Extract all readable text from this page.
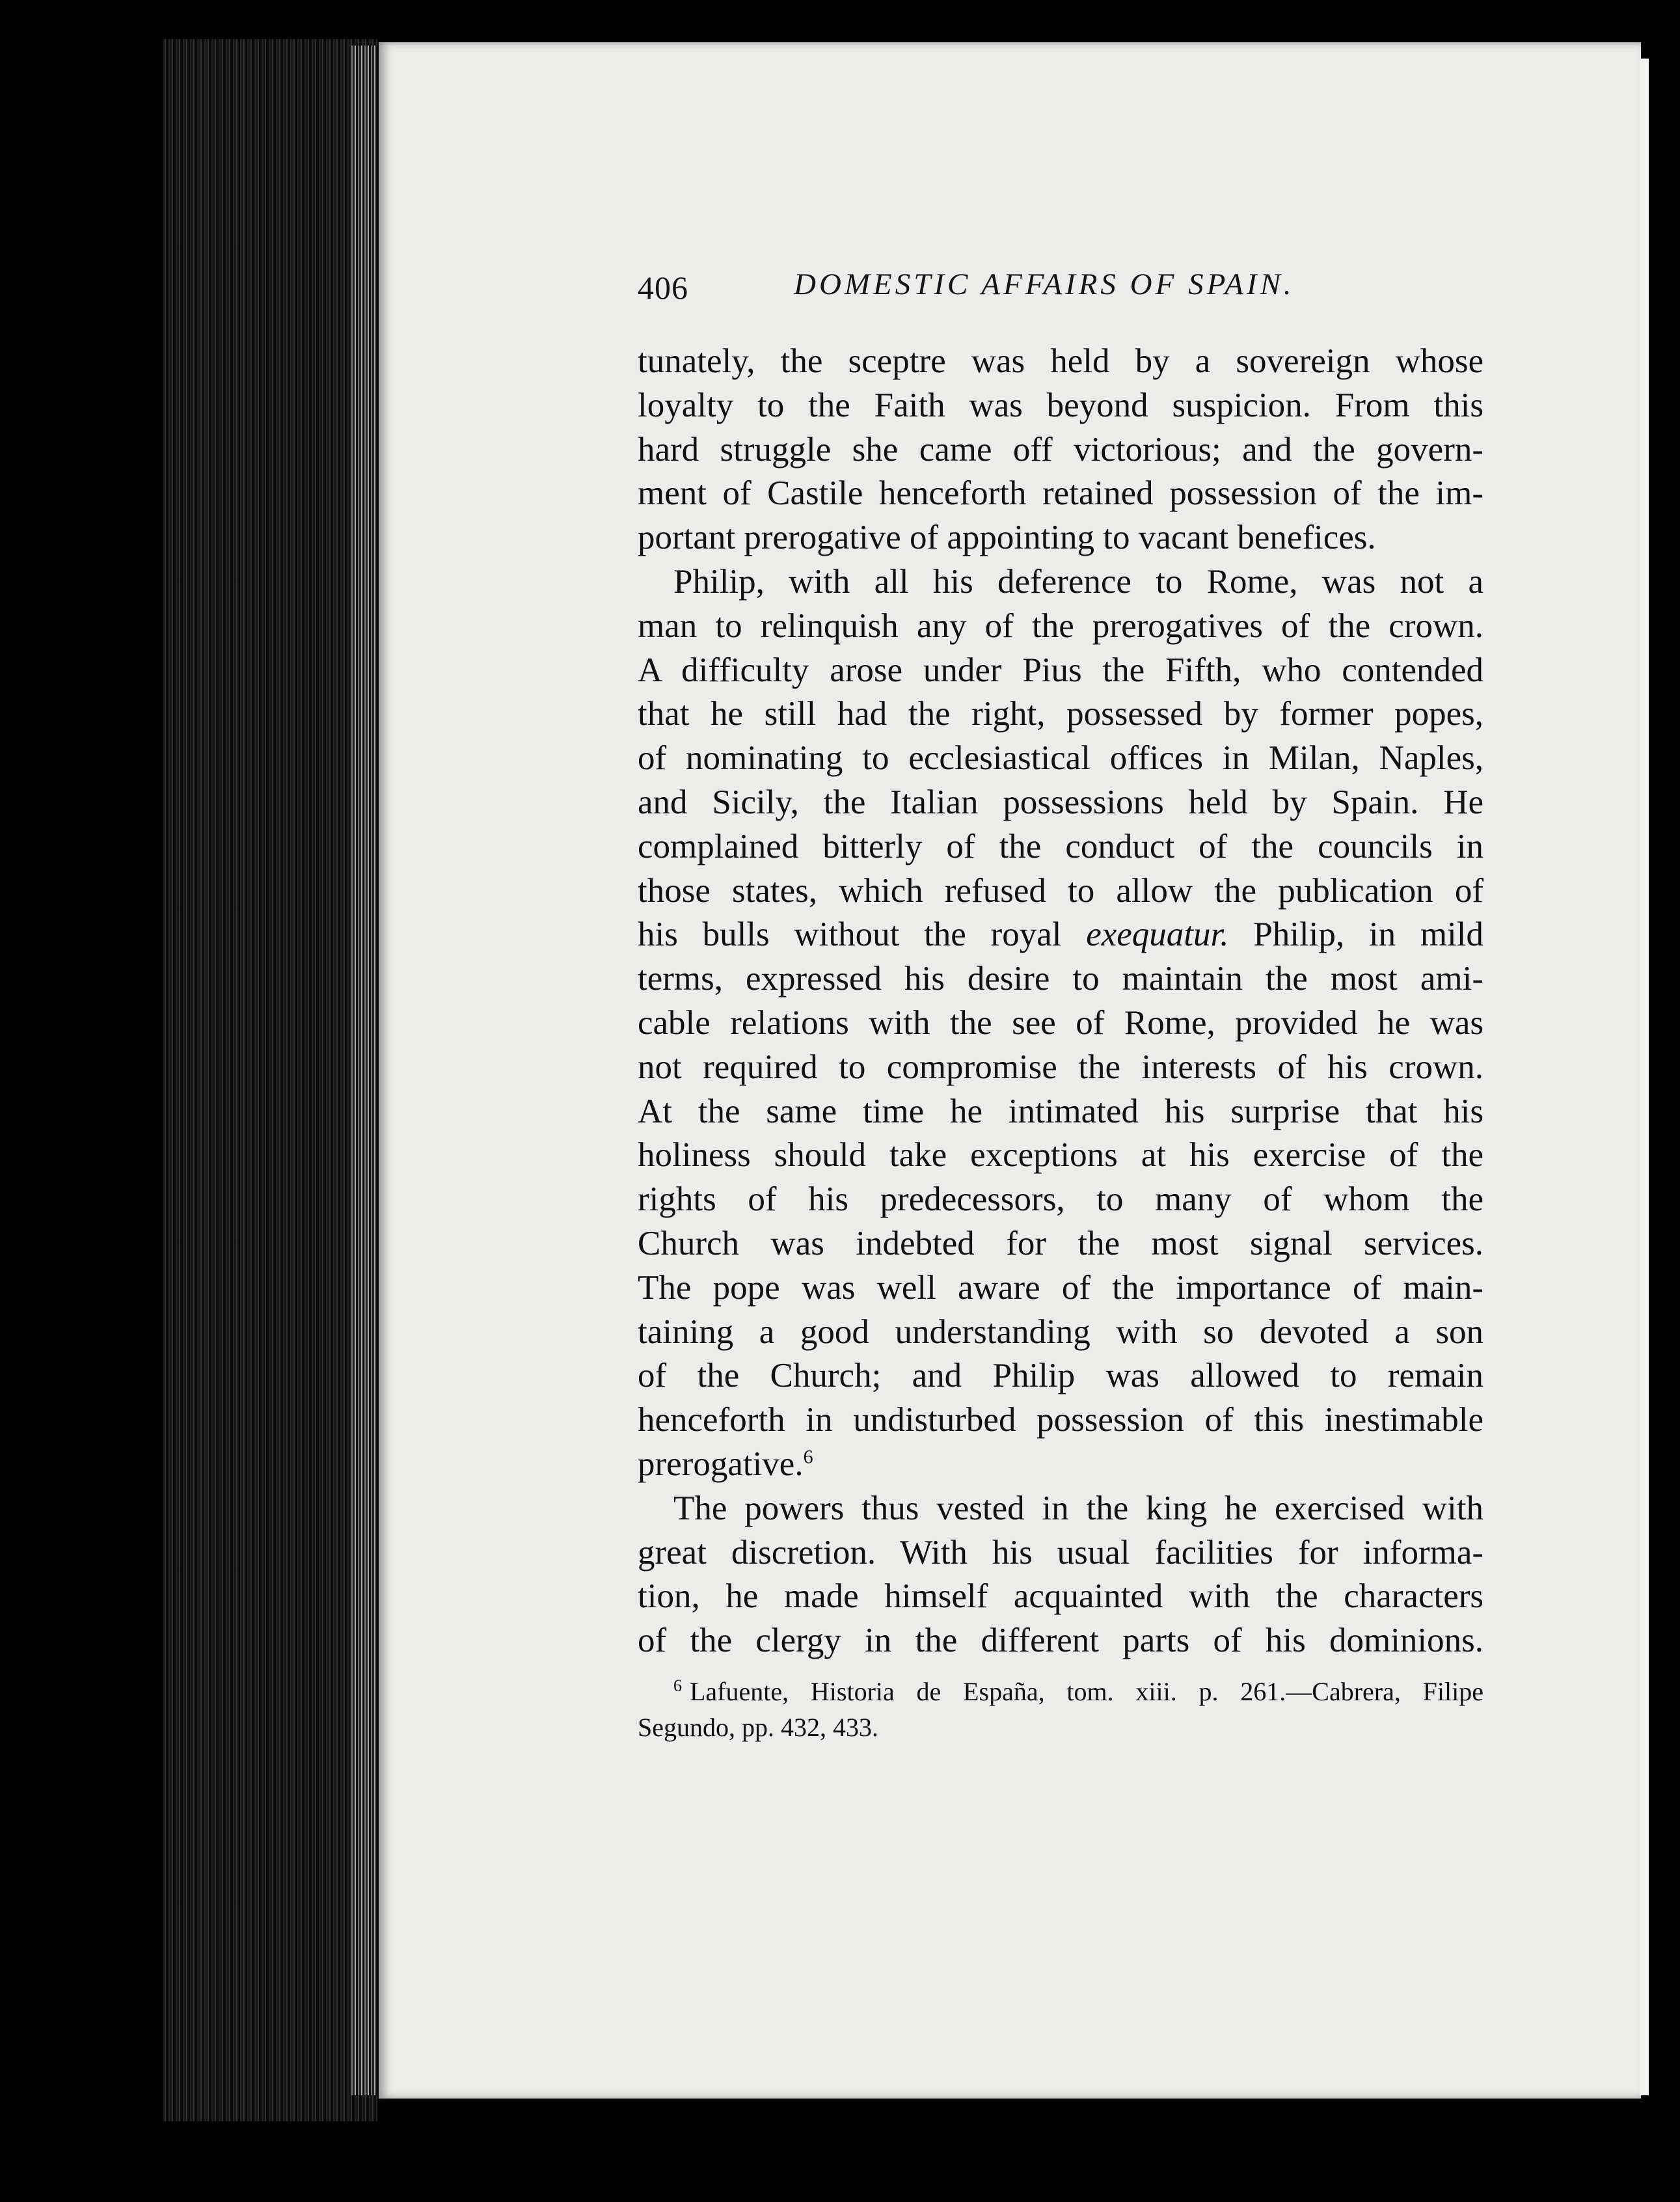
406	DOMESTIC AFFAIRS OF SPAIN.
tunately, the sceptre was held by a sovereign whose
loyalty to the Faith was beyond suspicion. From this
hard struggle she came off victorious; and the govern-
ment of Castile henceforth retained possession of the im-
portant prerogative of appointing to vacant benefices.
Philip, with all his deference to Rome, was not a
man to relinquish any of the prerogatives of the crown.
A difficulty arose under Pius the Fifth, who contended
that he still had the right, possessed by former popes,
of nominating to ecclesiastical offices in Milan, Naples,
and Sicily, the Italian possessions held by Spain. He
complained bitterly of the conduct of the councils in
those states, which refused to allow the publication of
his bulls without the royal exequatur. Philip, in mild
terms, expressed his desire to maintain the most ami-
cable relations with the see of Rome, provided he was
not required to compromise the interests of his crown.
At the same time he intimated his surprise that his
holiness should take exceptions at his exercise of the
rights of his predecessors, to many of whom the
Church was indebted for the most signal services.
The pope was well aware of the importance of main-
taining a good understanding with so devoted a son
of the Church; and Philip was allowed to remain
henceforth in undisturbed possession of this inestimable
prerogative.$^6$
The powers thus vested in the king he exercised with
great discretion. With his usual facilities for informa-
tion, he made himself acquainted with the characters
of the clergy in the different parts of his dominions.
$^6$ Lafuente, Historia de España, tom. xiii. p. 261.—Cabrera, Filipe
Segundo, pp. 432, 433.
